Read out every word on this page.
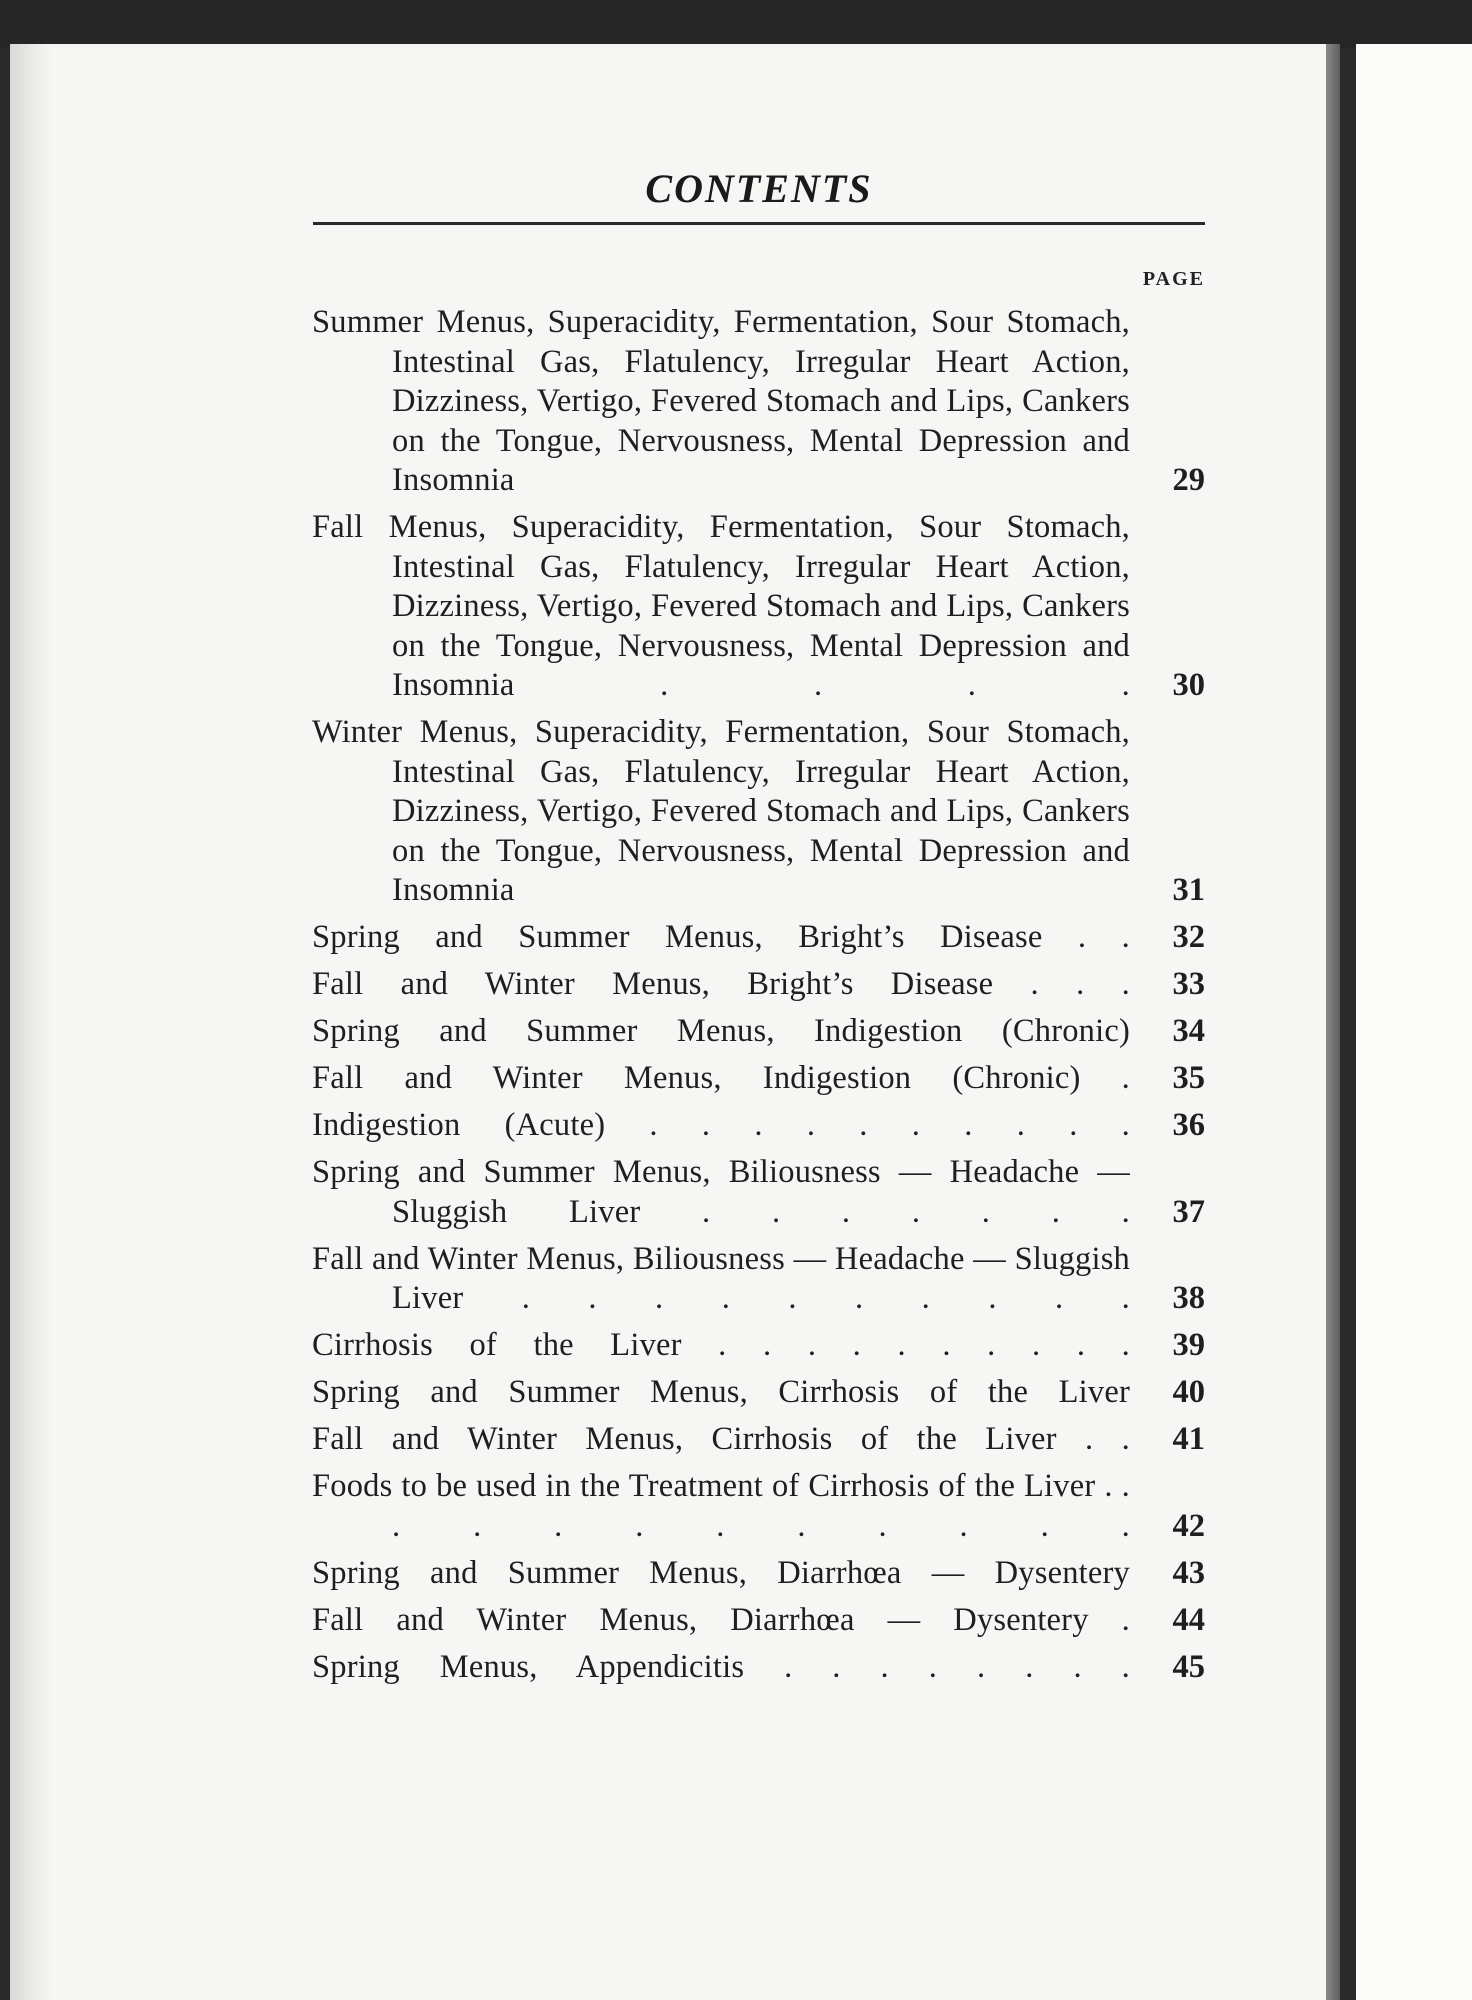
CONTENTS
PAGE
Summer Menus, Superacidity, Fermentation, Sour Stomach, Intestinal Gas, Flatulency, Irregular Heart Action, Dizziness, Vertigo, Fevered Stomach and Lips, Cankers on the Tongue, Nervousness, Mental Depression and Insomnia	29
Fall Menus, Superacidity, Fermentation, Sour Stomach, Intestinal Gas, Flatulency, Irregular Heart Action, Dizziness, Vertigo, Fevered Stomach and Lips, Cankers on the Tongue, Nervousness, Mental Depression and Insomnia . . . .	30
Winter Menus, Superacidity, Fermentation, Sour Stomach, Intestinal Gas, Flatulency, Irregular Heart Action, Dizziness, Vertigo, Fevered Stomach and Lips, Cankers on the Tongue, Nervousness, Mental Depression and Insomnia	31
Spring and Summer Menus, Bright’s Disease . .	32
Fall and Winter Menus, Bright’s Disease . . .	33
Spring and Summer Menus, Indigestion (Chronic)	34
Fall and Winter Menus, Indigestion (Chronic) .	35
Indigestion (Acute) . . . . . . . . . .	36
Spring and Summer Menus, Biliousness — Headache — Sluggish Liver . . . . . . .	37
Fall and Winter Menus, Biliousness — Headache — Sluggish Liver . . . . . . . . . .	38
Cirrhosis of the Liver . . . . . . . . . .	39
Spring and Summer Menus, Cirrhosis of the Liver	40
Fall and Winter Menus, Cirrhosis of the Liver . .	41
Foods to be used in the Treatment of Cirrhosis of the Liver . . . . . . . . . . . .	42
Spring and Summer Menus, Diarrhœa — Dysentery	43
Fall and Winter Menus, Diarrhœa — Dysentery .	44
Spring Menus, Appendicitis . . . . . . . .	45
